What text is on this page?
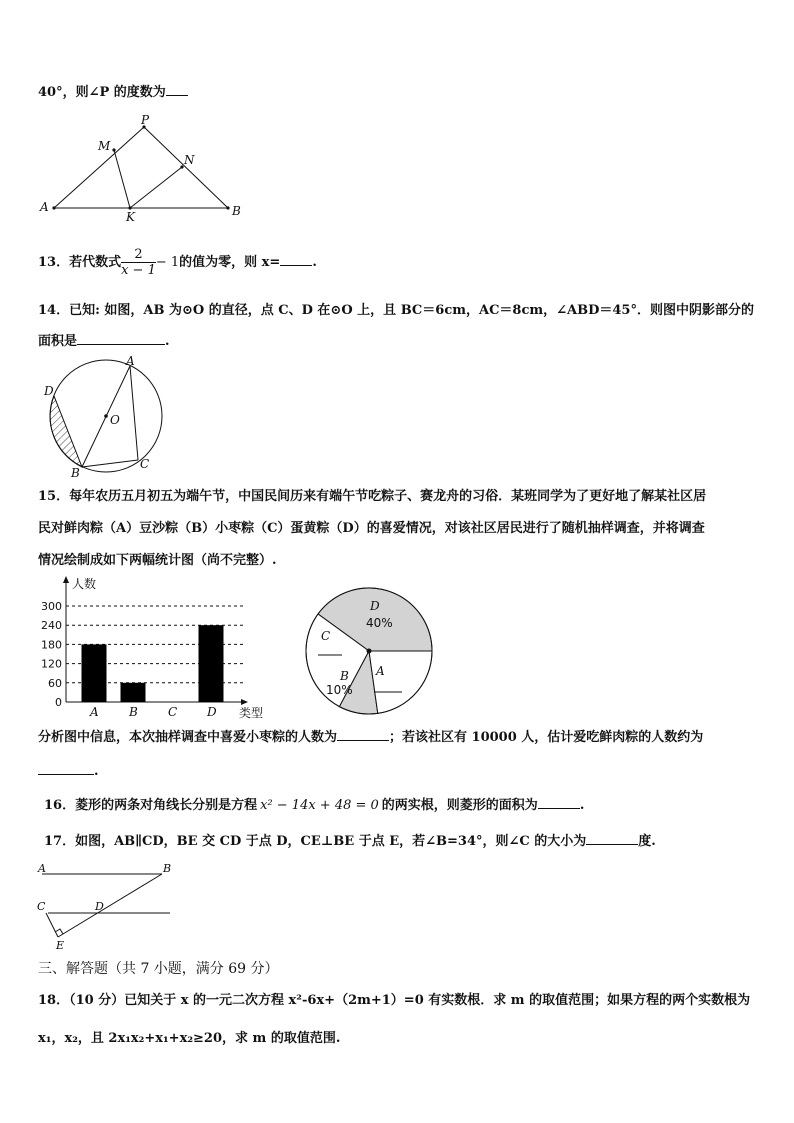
40°，则∠P 的度数为
P
M
N
A
K	B
13．若代数式 $\frac{2}{x - 1} - 1$的值为零，则 x= .
14．已知: 如图，AB 为⊙O 的直径，点 C、D 在⊙O 上，且 BC＝6cm，AC＝8cm，∠ABD＝45°．则图中阴影部分的
面积是	.
A
D
O
B
C
15．每年农历五月初五为端午节，中国民间历来有端午节吃粽子、赛龙舟的习俗．某班同学为了更好地了解某社区居
民对鲜肉粽（A）豆沙粽（B）小枣粽（C）蛋黄粽（D）的喜爱情况，对该社区居民进行了随机抽样调查，并将调查
情况绘制成如下两幅统计图（尚不完整）.
人数
类型
0
60
120
180
240
300
A	B	C D
D
40%
C
B
10%
A
分析图中信息，本次抽样调查中喜爱小枣粽的人数为	；若该社区有 10000 人，估计爱吃鲜肉粽的人数约为
.
16．菱形的两条对角线长分别是方程 x² − 14x + 48 = 0 的两实根，则菱形的面积为	.
17．如图，AB∥CD，BE 交 CD 于点 D，CE⊥BE 于点 E，若∠B=34°，则∠C 的大小为	度.
A	B
C	D
E
三、解答题（共 7 小题，满分 69 分）
18．（10 分）已知关于 x 的一元二次方程 x²-6x+（2m+1）=0 有实数根．求 m 的取值范围；如果方程的两个实数根为
x₁，x₂，且 2x₁x₂+x₁+x₂≥20，求 m 的取值范围.
